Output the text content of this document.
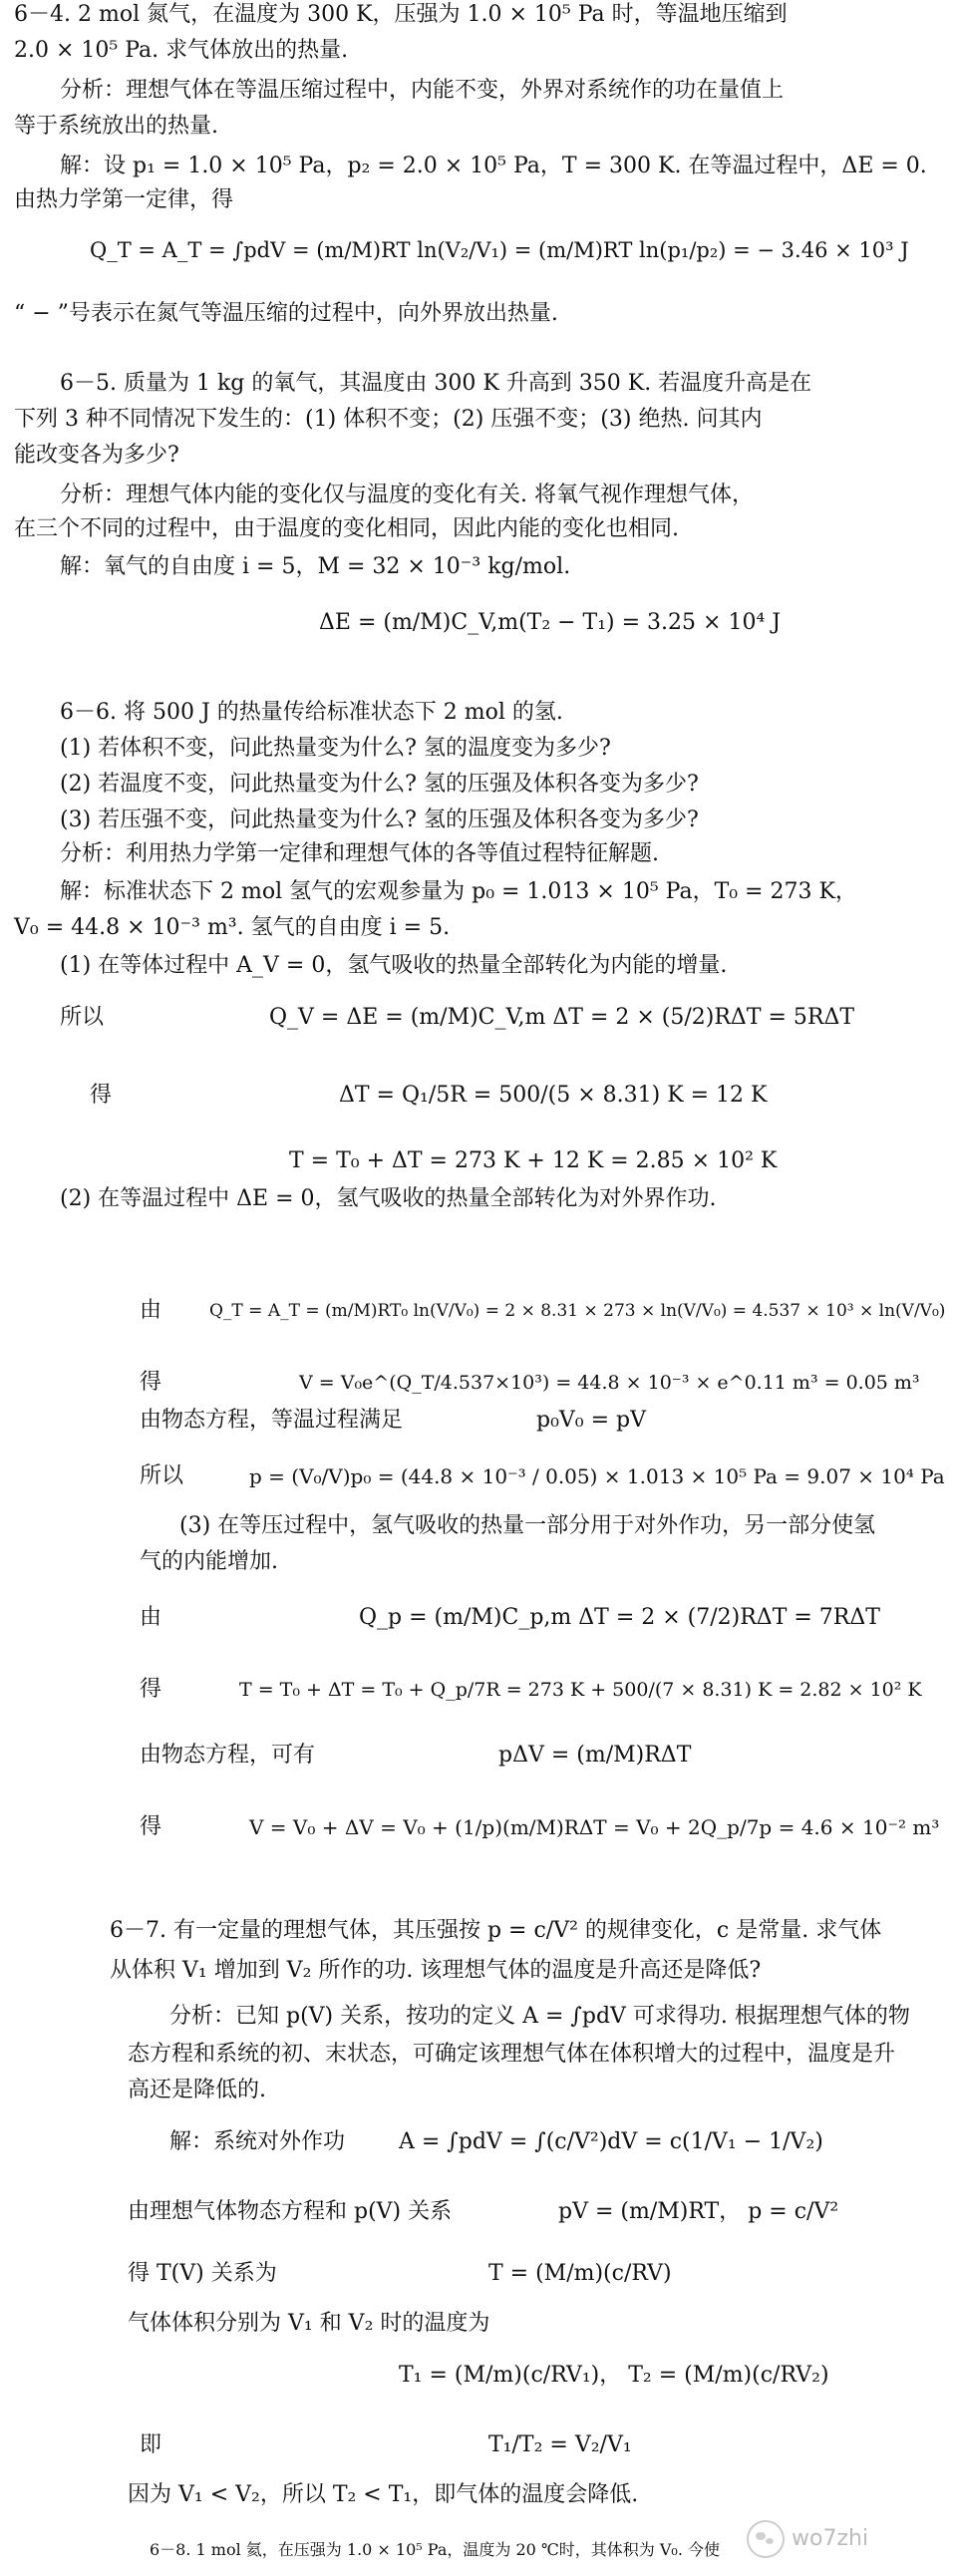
6－4. 2 mol 氮气，在温度为 300 K，压强为 1.0 × 10⁵ Pa 时，等温地压缩到
2.0 × 10⁵ Pa. 求气体放出的热量.
分析：理想气体在等温压缩过程中，内能不变，外界对系统作的功在量值上
等于系统放出的热量.
解：设 p₁ = 1.0 × 10⁵ Pa，p₂ = 2.0 × 10⁵ Pa，T = 300 K. 在等温过程中，ΔE = 0.
由热力学第一定律，得
Q_T = A_T = ∫pdV = (m/M)RT ln(V₂/V₁) = (m/M)RT ln(p₁/p₂) = − 3.46 × 10³ J
“ − ”号表示在氮气等温压缩的过程中，向外界放出热量.
6－5. 质量为 1 kg 的氧气，其温度由 300 K 升高到 350 K. 若温度升高是在
下列 3 种不同情况下发生的：(1) 体积不变；(2) 压强不变；(3) 绝热. 问其内
能改变各为多少?
分析：理想气体内能的变化仅与温度的变化有关. 将氧气视作理想气体，
在三个不同的过程中，由于温度的变化相同，因此内能的变化也相同.
解：氧气的自由度 i = 5，M = 32 × 10⁻³ kg/mol.
ΔE = (m/M)C_V,m(T₂ − T₁) = 3.25 × 10⁴ J
6－6. 将 500 J 的热量传给标准状态下 2 mol 的氢.
(1) 若体积不变，问此热量变为什么? 氢的温度变为多少?
(2) 若温度不变，问此热量变为什么? 氢的压强及体积各变为多少?
(3) 若压强不变，问此热量变为什么? 氢的压强及体积各变为多少?
分析：利用热力学第一定律和理想气体的各等值过程特征解题.
解：标准状态下 2 mol 氢气的宏观参量为 p₀ = 1.013 × 10⁵ Pa，T₀ = 273 K，
V₀ = 44.8 × 10⁻³ m³. 氢气的自由度 i = 5.
(1) 在等体过程中 A_V = 0，氢气吸收的热量全部转化为内能的增量.
所以	Q_V = ΔE = (m/M)C_V,m ΔT = 2 × (5/2)RΔT = 5RΔT
得	ΔT = Q₁/5R = 500/(5 × 8.31) K = 12 K
T = T₀ + ΔT = 273 K + 12 K = 2.85 × 10² K
(2) 在等温过程中 ΔE = 0，氢气吸收的热量全部转化为对外界作功.
由	Q_T = A_T = (m/M)RT₀ ln(V/V₀) = 2 × 8.31 × 273 × ln(V/V₀) = 4.537 × 10³ × ln(V/V₀)
得	V = V₀e^(Q_T/4.537×10³) = 44.8 × 10⁻³ × e^0.11 m³ = 0.05 m³
由物态方程，等温过程满足	p₀V₀ = pV
所以	p = (V₀/V)p₀ = (44.8 × 10⁻³ / 0.05) × 1.013 × 10⁵ Pa = 9.07 × 10⁴ Pa
(3) 在等压过程中，氢气吸收的热量一部分用于对外作功，另一部分使氢
气的内能增加.
由	Q_p = (m/M)C_p,m ΔT = 2 × (7/2)RΔT = 7RΔT
得	T = T₀ + ΔT = T₀ + Q_p/7R = 273 K + 500/(7 × 8.31) K = 2.82 × 10² K
由物态方程，可有	pΔV = (m/M)RΔT
得	V = V₀ + ΔV = V₀ + (1/p)(m/M)RΔT = V₀ + 2Q_p/7p = 4.6 × 10⁻² m³
6－7. 有一定量的理想气体，其压强按 p = c/V² 的规律变化，c 是常量. 求气体
从体积 V₁ 增加到 V₂ 所作的功. 该理想气体的温度是升高还是降低?
分析：已知 p(V) 关系，按功的定义 A = ∫pdV 可求得功. 根据理想气体的物
态方程和系统的初、末状态，可确定该理想气体在体积增大的过程中，温度是升
高还是降低的.
解：系统对外作功 A = ∫pdV = ∫(c/V²)dV = c(1/V₁ − 1/V₂)
由理想气体物态方程和 p(V) 关系	pV = (m/M)RT， p = c/V²
得 T(V) 关系为	T = (M/m)(c/RV)
气体体积分别为 V₁ 和 V₂ 时的温度为
T₁ = (M/m)(c/RV₁)， T₂ = (M/m)(c/RV₂)
即	T₁/T₂ = V₂/V₁
因为 V₁ < V₂，所以 T₂ < T₁，即气体的温度会降低.
6－8. 1 mol 氦，在压强为 1.0 × 10⁵ Pa，温度为 20 ℃时，其体积为 V₀. 今使	wo7zhi
